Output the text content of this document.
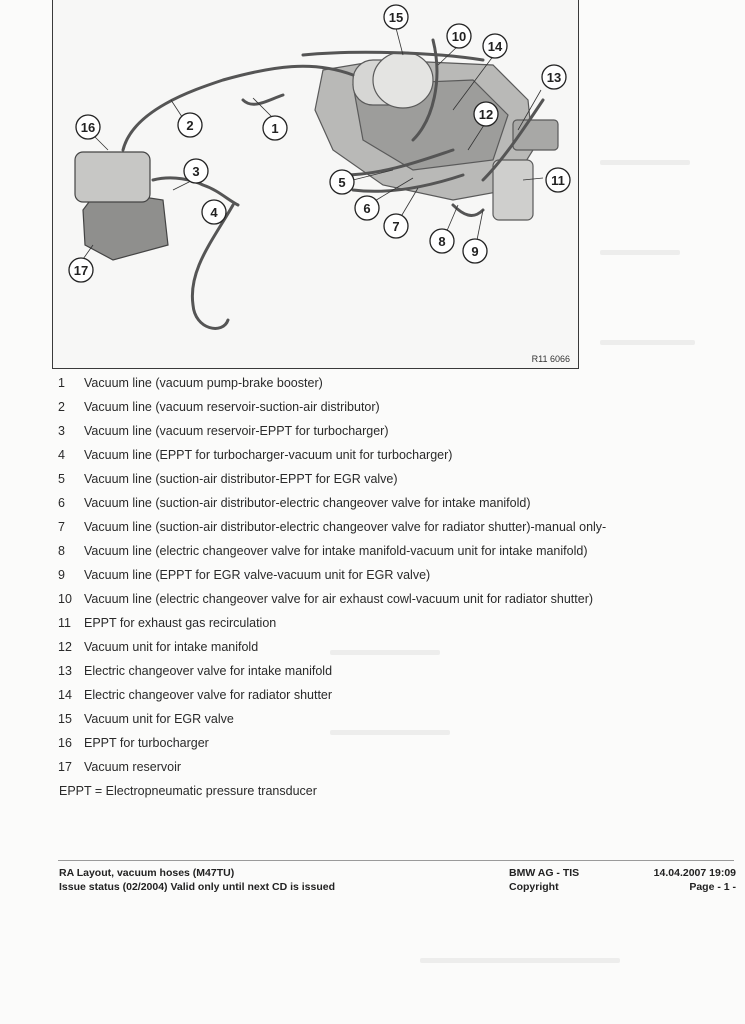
1
2
3
4
5
6
7
8
9
10
11
12
13
14
15
16
17
R11 6066
1	Vacuum line (vacuum pump-brake booster)
2	Vacuum line (vacuum reservoir-suction-air distributor)
3	Vacuum line (vacuum reservoir-EPPT for turbocharger)
4	Vacuum line (EPPT for turbocharger-vacuum unit for turbocharger)
5	Vacuum line (suction-air distributor-EPPT for EGR valve)
6	Vacuum line (suction-air distributor-electric changeover valve for intake manifold)
7	Vacuum line (suction-air distributor-electric changeover valve for radiator shutter)-manual only-
8	Vacuum line (electric changeover valve for intake manifold-vacuum unit for intake manifold)
9	Vacuum line (EPPT for EGR valve-vacuum unit for EGR valve)
10 Vacuum line (electric changeover valve for air exhaust cowl-vacuum unit for radiator shutter)
11	EPPT for exhaust gas recirculation
12 Vacuum unit for intake manifold
13 Electric changeover valve for intake manifold
14 Electric changeover valve for radiator shutter
15 Vacuum unit for EGR valve
16 EPPT for turbocharger
17 Vacuum reservoir
EPPT = Electropneumatic pressure transducer
RA Layout, vacuum hoses (M47TU)
Issue status (02/2004) Valid only until next CD is issued
BMW AG - TIS
Copyright
14.04.2007 19:09
Page - 1 -
